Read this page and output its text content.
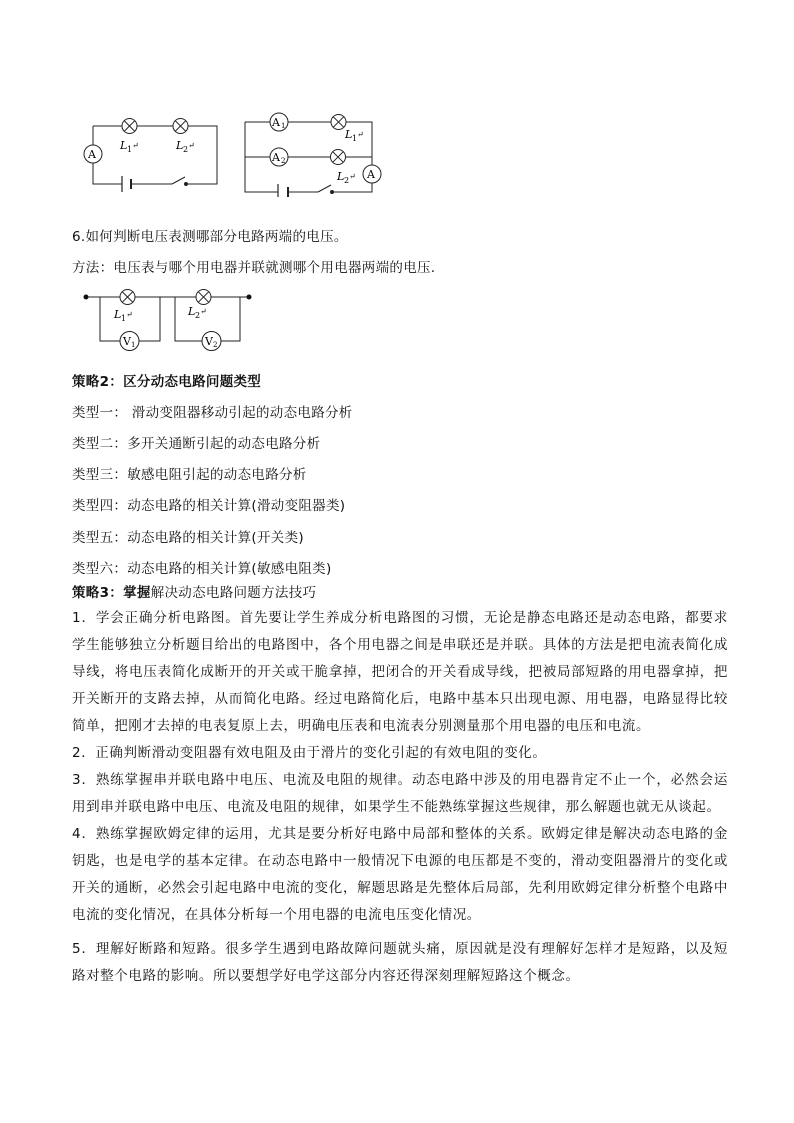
A
L 1 ↵	L 2 ↵
A 1
A 2
A
L 1 ↵
L 2 ↵
6.如何判断电压表测哪部分电路两端的电压。
方法：电压表与哪个用电器并联就测哪个用电器两端的电压.
V 1	V 2
L 1 ↵	L 2 ↵
策略2：区分动态电路问题类型
类型一： 滑动变阻器移动引起的动态电路分析
类型二：多开关通断引起的动态电路分析
类型三：敏感电阻引起的动态电路分析
类型四：动态电路的相关计算(滑动变阻器类)
类型五：动态电路的相关计算(开关类)
类型六：动态电路的相关计算(敏感电阻类)
策略3：掌握解决动态电路问题方法技巧
1．学会正确分析电路图。首先要让学生养成分析电路图的习惯，无论是静态电路还是动态电路，都要求学生能够独立分析题目给出的电路图中，各个用电器之间是串联还是并联。具体的方法是把电流表简化成导线，将电压表简化成断开的开关或干脆拿掉，把闭合的开关看成导线，把被局部短路的用电器拿掉，把开关断开的支路去掉，从而简化电路。经过电路简化后，电路中基本只出现电源、用电器，电路显得比较简单，把刚才去掉的电表复原上去，明确电压表和电流表分别测量那个用电器的电压和电流。
2．正确判断滑动变阻器有效电阻及由于滑片的变化引起的有效电阻的变化。
3．熟练掌握串并联电路中电压、电流及电阻的规律。动态电路中涉及的用电器肯定不止一个，必然会运用到串并联电路中电压、电流及电阻的规律，如果学生不能熟练掌握这些规律，那么解题也就无从谈起。
4．熟练掌握欧姆定律的运用，尤其是要分析好电路中局部和整体的关系。欧姆定律是解决动态电路的金钥匙，也是电学的基本定律。在动态电路中一般情况下电源的电压都是不变的，滑动变阻器滑片的变化或开关的通断，必然会引起电路中电流的变化，解题思路是先整体后局部，先利用欧姆定律分析整个电路中电流的变化情况，在具体分析每一个用电器的电流电压变化情况。
5．理解好断路和短路。很多学生遇到电路故障问题就头痛，原因就是没有理解好怎样才是短路，以及短路对整个电路的影响。所以要想学好电学这部分内容还得深刻理解短路这个概念。
